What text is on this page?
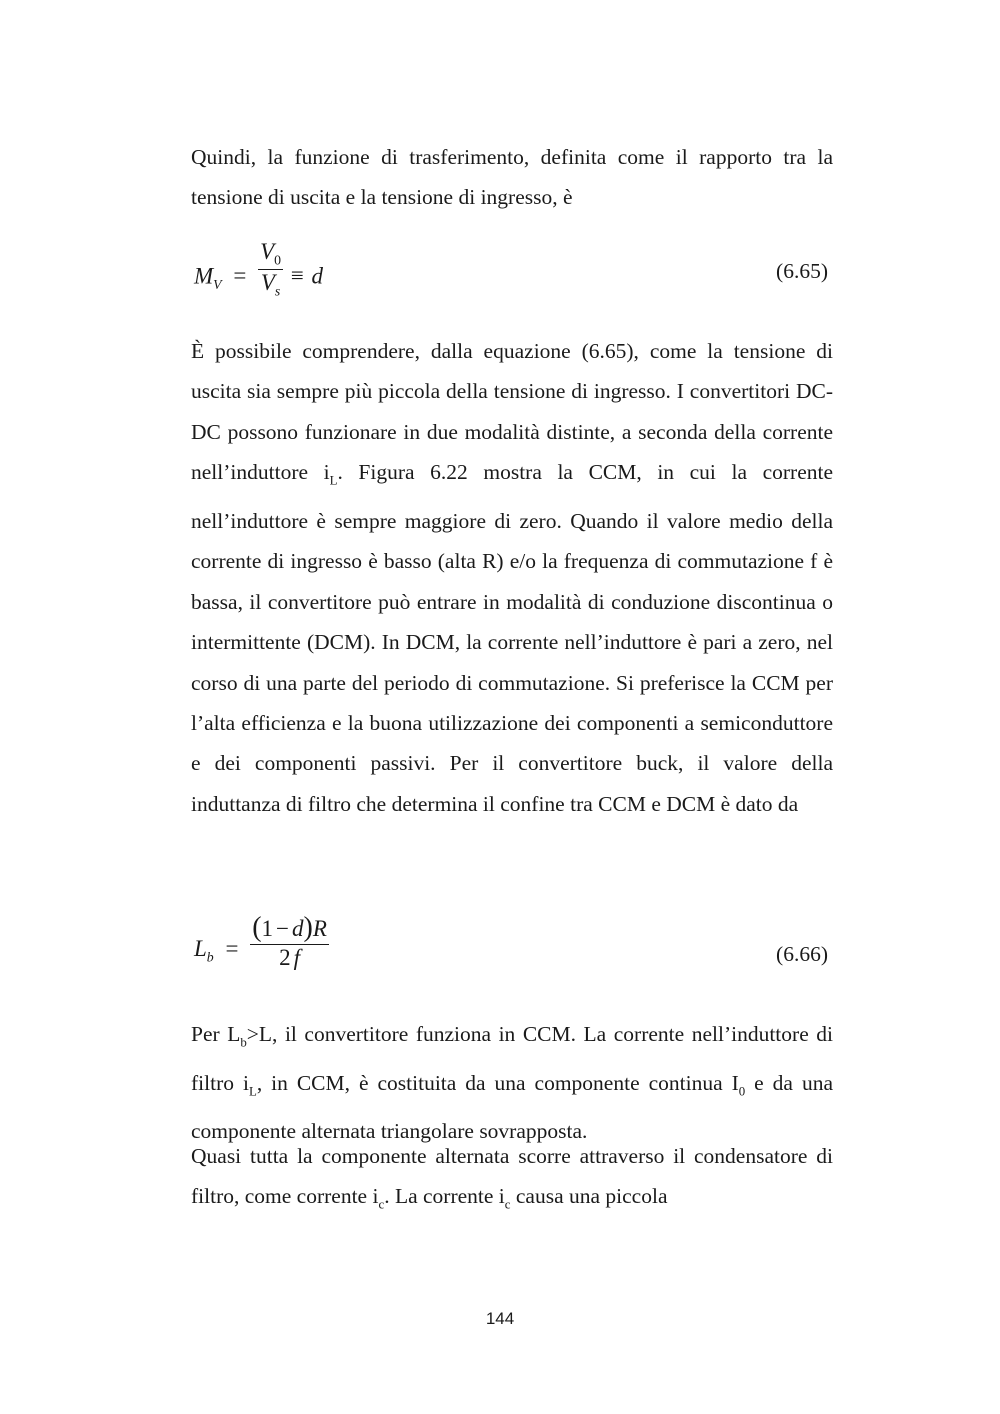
Quindi, la funzione di trasferimento, definita come il rapporto tra la tensione di uscita e la tensione di ingresso, è

$M_V = \frac{V_0}{V_s} \equiv d$	(6.65)

È possibile comprendere, dalla equazione (6.65), come la tensione di uscita sia sempre più piccola della tensione di ingresso. I convertitori DC-DC possono funzionare in due modalità distinte, a seconda della corrente nell’induttore $i_L$. Figura 6.22 mostra la CCM, in cui la corrente nell’induttore è sempre maggiore di zero. Quando il valore medio della corrente di ingresso è basso (alta R) e/o la frequenza di commutazione f è bassa, il convertitore può entrare in modalità di conduzione discontinua o intermittente (DCM). In DCM, la corrente nell’induttore è pari a zero, nel corso di una parte del periodo di commutazione. Si preferisce la CCM per l’alta efficienza e la buona utilizzazione dei componenti a semiconduttore e dei componenti passivi. Per il convertitore buck, il valore della induttanza di filtro che determina il confine tra CCM e DCM è dato da

$L_b = \frac{(1 - d)R}{2 f}$	(6.66)

Per $L_b>L$, il convertitore funziona in CCM. La corrente nell’induttore di filtro $i_L$, in CCM, è costituita da una componente continua $I_0$ e da una componente alternata triangolare sovrapposta.

Quasi tutta la componente alternata scorre attraverso il condensatore di filtro, come corrente $i_c$. La corrente $i_c$ causa una piccola

144
